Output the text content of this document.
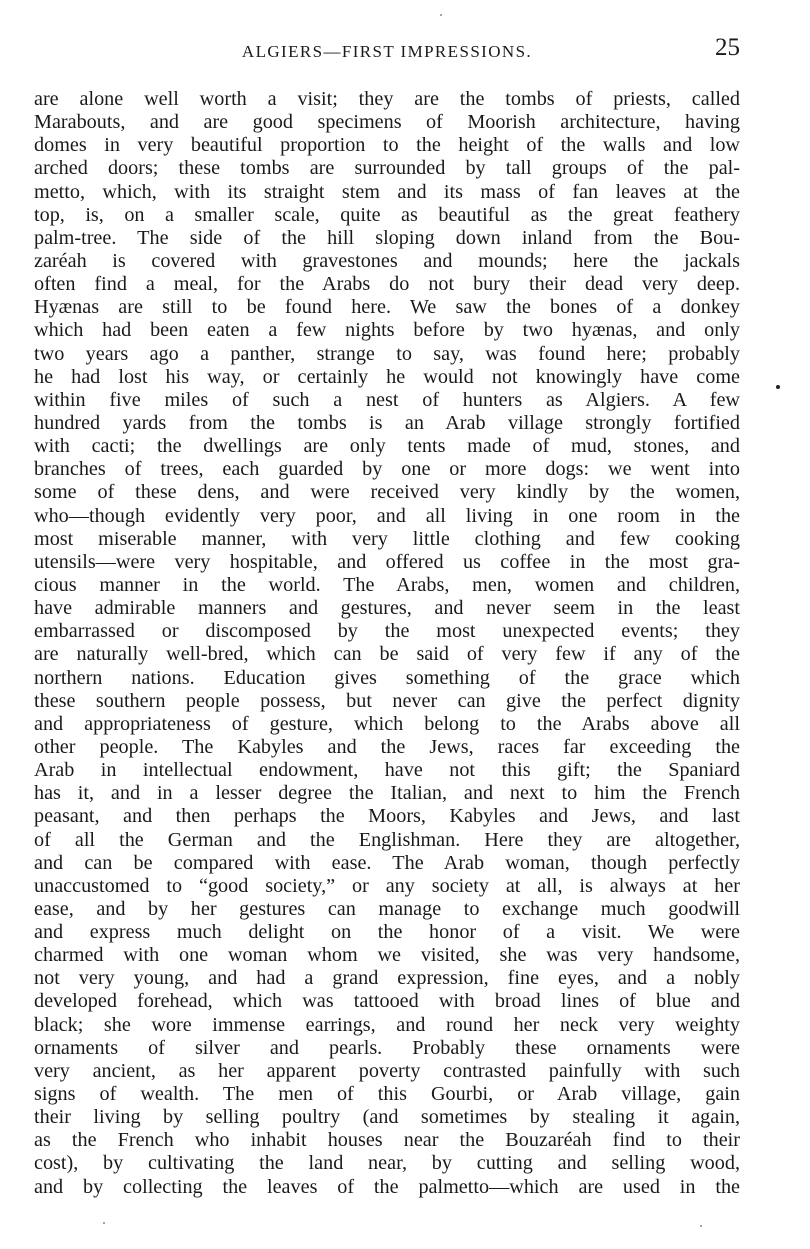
ALGIERS—FIRST IMPRESSIONS.	25
are alone well worth a visit; they are the tombs of priests, called
Marabouts, and are good specimens of Moorish architecture, having
domes in very beautiful proportion to the height of the walls and low
arched doors; these tombs are surrounded by tall groups of the pal-
metto, which, with its straight stem and its mass of fan leaves at the
top, is, on a smaller scale, quite as beautiful as the great feathery
palm-tree. The side of the hill sloping down inland from the Bou-
zaréah is covered with gravestones and mounds; here the jackals
often find a meal, for the Arabs do not bury their dead very deep.
Hyænas are still to be found here. We saw the bones of a donkey
which had been eaten a few nights before by two hyænas, and only
two years ago a panther, strange to say, was found here; probably
he had lost his way, or certainly he would not knowingly have come
within five miles of such a nest of hunters as Algiers. A few
hundred yards from the tombs is an Arab village strongly fortified
with cacti; the dwellings are only tents made of mud, stones, and
branches of trees, each guarded by one or more dogs: we went into
some of these dens, and were received very kindly by the women,
who—though evidently very poor, and all living in one room in the
most miserable manner, with very little clothing and few cooking
utensils—were very hospitable, and offered us coffee in the most gra-
cious manner in the world. The Arabs, men, women and children,
have admirable manners and gestures, and never seem in the least
embarrassed or discomposed by the most unexpected events; they
are naturally well-bred, which can be said of very few if any of the
northern nations. Education gives something of the grace which
these southern people possess, but never can give the perfect dignity
and appropriateness of gesture, which belong to the Arabs above all
other people. The Kabyles and the Jews, races far exceeding the
Arab in intellectual endowment, have not this gift; the Spaniard
has it, and in a lesser degree the Italian, and next to him the French
peasant, and then perhaps the Moors, Kabyles and Jews, and last
of all the German and the Englishman. Here they are altogether,
and can be compared with ease. The Arab woman, though perfectly
unaccustomed to “good society,” or any society at all, is always at her
ease, and by her gestures can manage to exchange much goodwill
and express much delight on the honor of a visit. We were
charmed with one woman whom we visited, she was very handsome,
not very young, and had a grand expression, fine eyes, and a nobly
developed forehead, which was tattooed with broad lines of blue and
black; she wore immense earrings, and round her neck very weighty
ornaments of silver and pearls. Probably these ornaments were
very ancient, as her apparent poverty contrasted painfully with such
signs of wealth. The men of this Gourbi, or Arab village, gain
their living by selling poultry (and sometimes by stealing it again,
as the French who inhabit houses near the Bouzaréah find to their
cost), by cultivating the land near, by cutting and selling wood,
and by collecting the leaves of the palmetto—which are used in the
